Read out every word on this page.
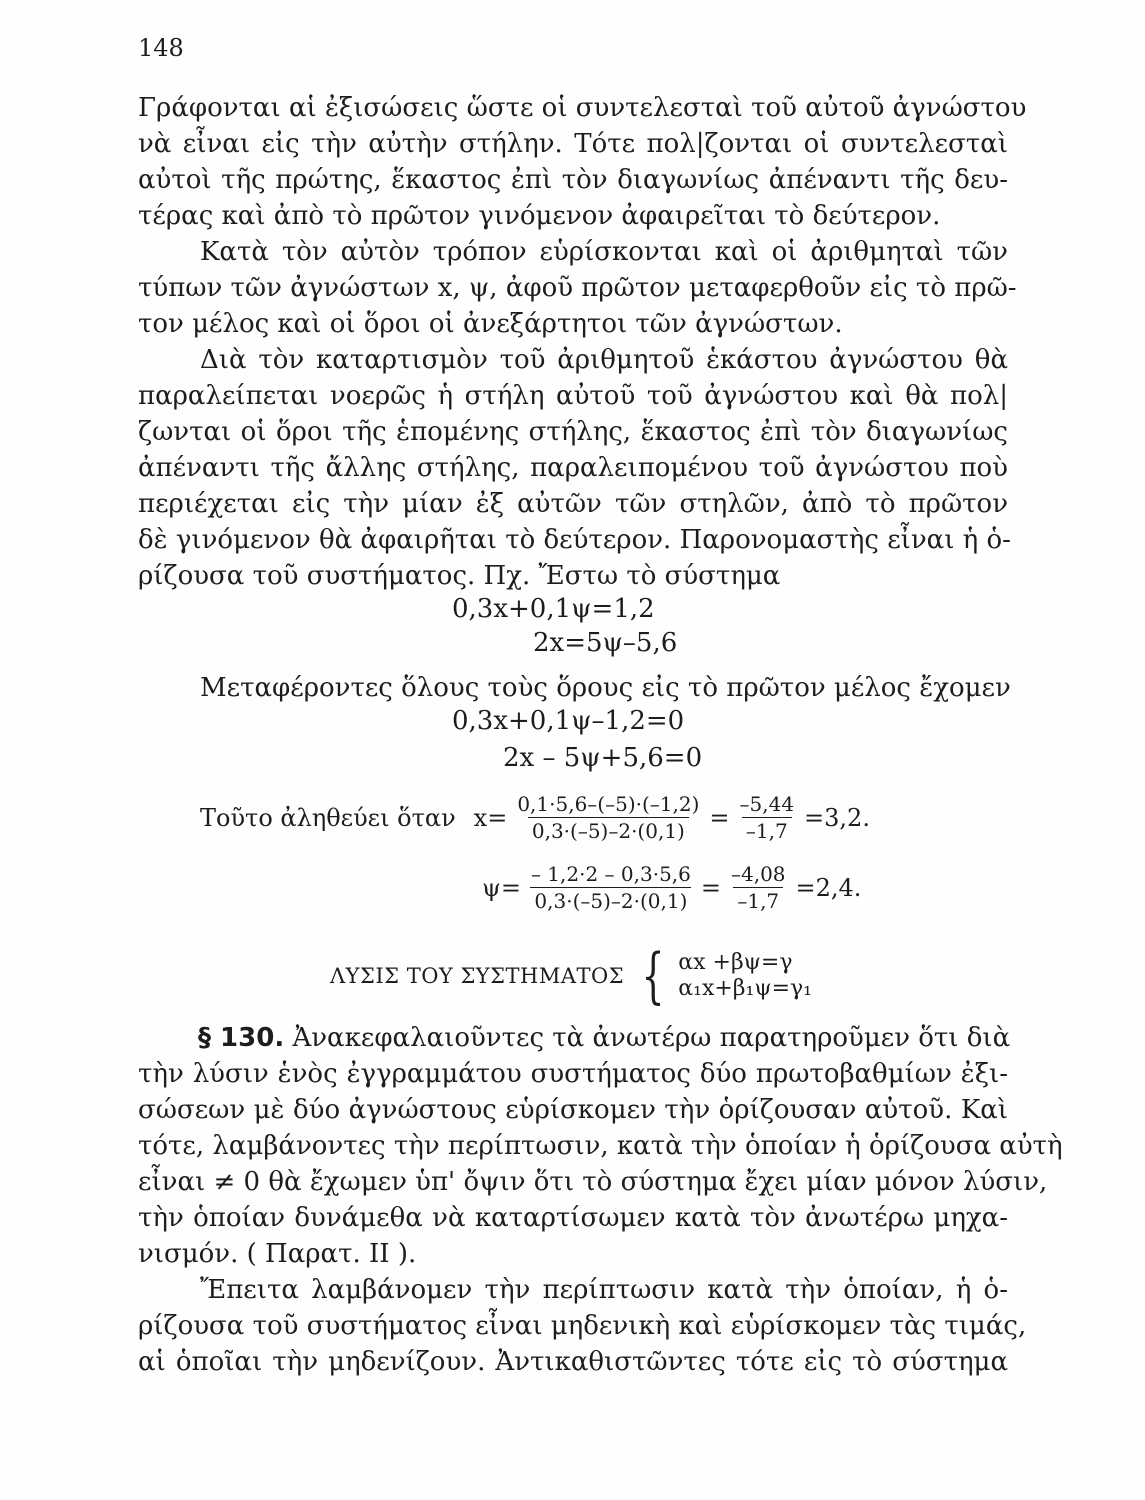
148
Γράφονται αἱ ἐξισώσεις ὥστε οἱ συντελεσταὶ τοῦ αὐτοῦ ἀγνώστου
νὰ εἶναι εἰς τὴν αὐτὴν στήλην. Τότε πολ|ζονται οἱ συντελεσταὶ
αὐτοὶ τῆς πρώτης, ἕκαστος ἐπὶ τὸν διαγωνίως ἀπέναντι τῆς δευ-
τέρας καὶ ἀπὸ τὸ πρῶτον γινόμενον ἀφαιρεῖται τὸ δεύτερον.
Κατὰ τὸν αὐτὸν τρόπον εὑρίσκονται καὶ οἱ ἀριθμηταὶ τῶν
τύπων τῶν ἀγνώστων x, ψ, ἀφοῦ πρῶτον μεταφερθοῦν εἰς τὸ πρῶ-
τον μέλος καὶ οἱ ὅροι οἱ ἀνεξάρτητοι τῶν ἀγνώστων.
Διὰ τὸν καταρτισμὸν τοῦ ἀριθμητοῦ ἑκάστου ἀγνώστου θὰ
παραλείπεται νοερῶς ἡ στήλη αὐτοῦ τοῦ ἀγνώστου καὶ θὰ πολ|
ζωνται οἱ ὅροι τῆς ἑπομένης στήλης, ἕκαστος ἐπὶ τὸν διαγωνίως
ἀπέναντι τῆς ἄλλης στήλης, παραλειπομένου τοῦ ἀγνώστου ποὺ
περιέχεται εἰς τὴν μίαν ἐξ αὐτῶν τῶν στηλῶν, ἀπὸ τὸ πρῶτον
δὲ γινόμενον θὰ ἀφαιρῆται τὸ δεύτερον. Παρονομαστὴς εἶναι ἡ ὁ-
ρίζουσα τοῦ συστήματος. Πχ. Ἔστω τὸ σύστημα
0,3x+0,1ψ=1,2
2x=5ψ–5,6
Μεταφέροντες ὅλους τοὺς ὅρους εἰς τὸ πρῶτον μέλος ἔχομεν
0,3x+0,1ψ–1,2=0
2x – 5ψ+5,6=0
Τοῦτο ἀληθεύει ὅταν $x= \frac{0,1\cdot 5,6-(-5)\cdot(-1,2)}{0,3\cdot(-5)-2\cdot(0,1)} = \frac{-5,44}{-1,7} =3,2$.
$\psi= \frac{- 1,2\cdot 2 - 0,3\cdot 5,6}{0,3\cdot(-5)-2\cdot(0,1)} = \frac{-4,08}{-1,7} =2,4$.
ΛΥΣΙΣ ΤΟΥ ΣΥΣΤΗΜΑΤΟΣ { αx +βψ=γ
α₁x+β₁ψ=γ₁
§ 130. Ἀνακεφαλαιοῦντες τὰ ἀνωτέρω παρατηροῦμεν ὅτι διὰ
τὴν λύσιν ἑνὸς ἐγγραμμάτου συστήματος δύο πρωτοβαθμίων ἐξι-
σώσεων μὲ δύο ἀγνώστους εὑρίσκομεν τὴν ὁρίζουσαν αὐτοῦ. Καὶ
τότε, λαμβάνοντες τὴν περίπτωσιν, κατὰ τὴν ὁποίαν ἡ ὁρίζουσα αὐτὴ
εἶναι ≠ 0 θὰ ἔχωμεν ὑπ' ὄψιν ὅτι τὸ σύστημα ἔχει μίαν μόνον λύσιν,
τὴν ὁποίαν δυνάμεθα νὰ καταρτίσωμεν κατὰ τὸν ἀνωτέρω μηχα-
νισμόν. ( Παρατ. ΙΙ ).
Ἔπειτα λαμβάνομεν τὴν περίπτωσιν κατὰ τὴν ὁποίαν, ἡ ὁ-
ρίζουσα τοῦ συστήματος εἶναι μηδενικὴ καὶ εὑρίσκομεν τὰς τιμάς,
αἱ ὁποῖαι τὴν μηδενίζουν. Ἀντικαθιστῶντες τότε εἰς τὸ σύστημα
